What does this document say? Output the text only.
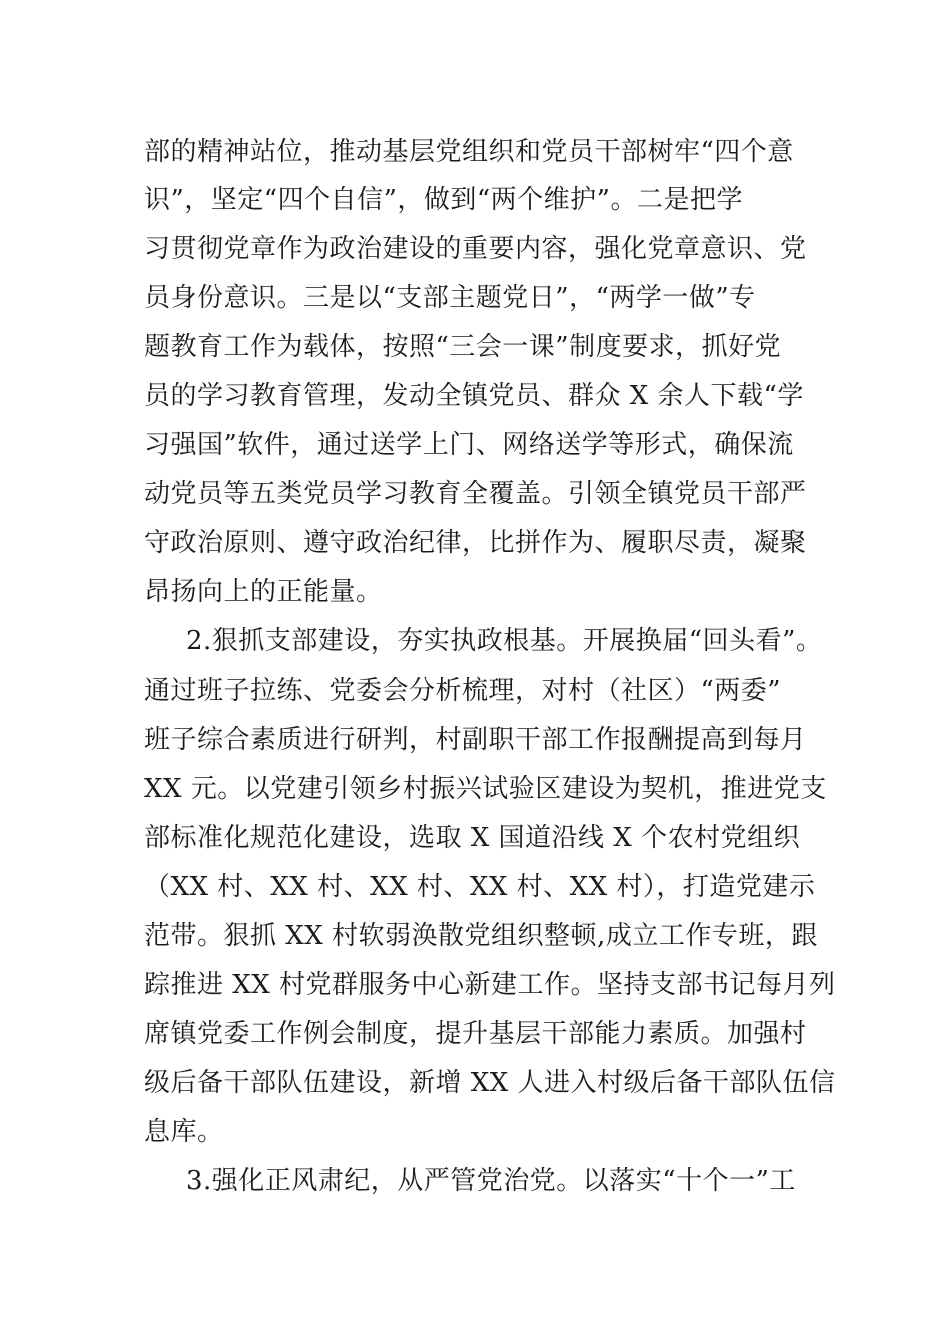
部的精神站位，推动基层党组织和党员干部树牢“四个意
识”，坚定“四个自信”，做到“两个维护”。二是把学
习贯彻党章作为政治建设的重要内容，强化党章意识、党
员身份意识。三是以“支部主题党日”，“两学一做”专
题教育工作为载体，按照“三会一课”制度要求，抓好党
员的学习教育管理，发动全镇党员、群众 X 余人下载“学
习强国”软件，通过送学上门、网络送学等形式，确保流
动党员等五类党员学习教育全覆盖。引领全镇党员干部严
守政治原则、遵守政治纪律，比拼作为、履职尽责，凝聚
昂扬向上的正能量。
2.狠抓支部建设，夯实执政根基。开展换届“回头看”。
通过班子拉练、党委会分析梳理，对村（社区）“两委”
班子综合素质进行研判，村副职干部工作报酬提高到每月
XX 元。以党建引领乡村振兴试验区建设为契机，推进党支
部标准化规范化建设，选取 X 国道沿线 X 个农村党组织
（XX 村、XX 村、XX 村、XX 村、XX 村），打造党建示
范带。狠抓 XX 村软弱涣散党组织整顿,成立工作专班，跟
踪推进 XX 村党群服务中心新建工作。坚持支部书记每月列
席镇党委工作例会制度，提升基层干部能力素质。加强村
级后备干部队伍建设，新增 XX 人进入村级后备干部队伍信
息库。
3.强化正风肃纪，从严管党治党。以落实“十个一”工
